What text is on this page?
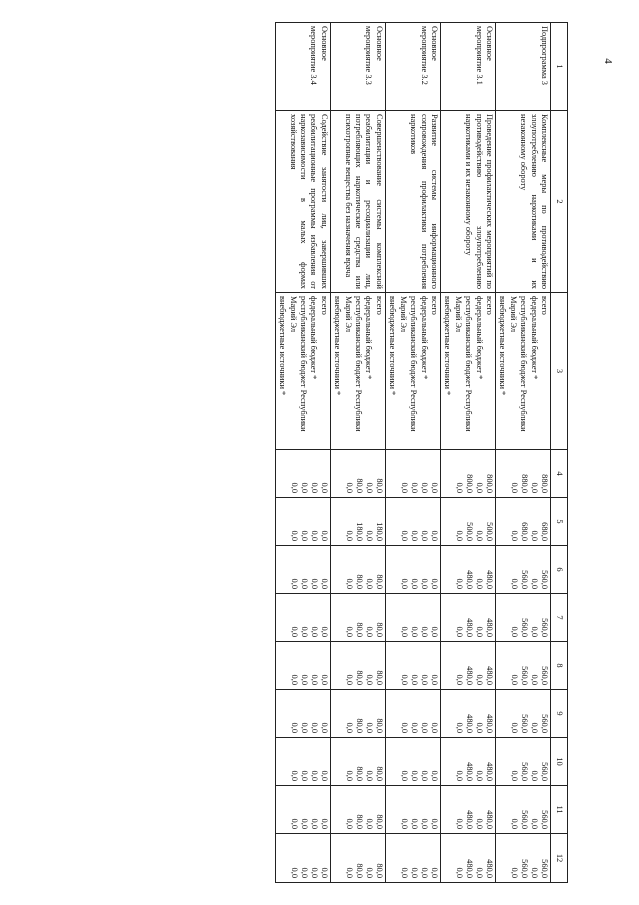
4
1	2	3	4	5	6	7	8	9	10	11	12

Подпрограмма 3	Комплексные меры по противодействию злоупотреблению наркотиками и их незаконному обороту	всего
федеральный бюджет *
республиканский бюджет Республики Марий Эл
внебюджетные источники *	880,0
0,0
880,0
0,0	680,0
0,0
680,0
0,0	560,0
0,0
560,0
0,0	560,0
0,0
560,0
0,0	560,0
0,0
560,0
0,0	560,0
0,0
560,0
0,0	560,0
0,0
560,0
0,0	560,0
0,0
560,0
0,0	560,0
0,0
560,0
0,0

Основное
мероприятие 3.1	Проведение профилактических мероприятий по противодействию злоупотреблению наркотиками и их незаконному обороту	всего
федеральный бюджет *
республиканский бюджет Республики Марий Эл
внебюджетные источники *	800,0
0,0
800,0
0,0	500,0
0,0
500,0
0,0	480,0
0,0
480,0
0,0	480,0
0,0
480,0
0,0	480,0
0,0
480,0
0,0	480,0
0,0
480,0
0,0	480,0
0,0
480,0
0,0	480,0
0,0
480,0
0,0	480,0
0,0
480,0
0,0

Основное
мероприятие 3.2	Развитие системы информационного сопровождения профилактики потребления наркотиков	всего
федеральный бюджет *
республиканский бюджет Республики Марий Эл
внебюджетные источники *	0,0
0,0
0,0
0,0	0,0
0,0
0,0
0,0	0,0
0,0
0,0
0,0	0,0
0,0
0,0
0,0	0,0
0,0
0,0
0,0	0,0
0,0
0,0
0,0	0,0
0,0
0,0
0,0	0,0
0,0
0,0
0,0	0,0
0,0
0,0
0,0

Основное
мероприятие 3.3	Совершенствование системы комплексной реабилитации и ресоциализации лиц, потребляющих наркотические средства или психотропные вещества без назначения врача	всего
федеральный бюджет *
республиканский бюджет Республики Марий Эл
внебюджетные источники *	80,0
0,0
80,0
0,0	180,0
0,0
180,0
0,0	80,0
0,0
80,0
0,0	80,0
0,0
80,0
0,0	80,0
0,0
80,0
0,0	80,0
0,0
80,0
0,0	80,0
0,0
80,0
0,0	80,0
0,0
80,0
0,0	80,0
0,0
80,0
0,0

Основное
мероприятие 3.4	Содействие занятости лиц, завершивших реабилитационные программы избавления от наркозависимости в малых формах хозяйствования	всего
федеральный бюджет *
республиканский бюджет Республики Марий Эл
внебюджетные источники *	0,0
0,0
0,0
0,0	0,0
0,0
0,0
0,0	0,0
0,0
0,0
0,0	0,0
0,0
0,0
0,0	0,0
0,0
0,0
0,0	0,0
0,0
0,0
0,0	0,0
0,0
0,0
0,0	0,0
0,0
0,0
0,0	0,0
0,0
0,0
0,0
